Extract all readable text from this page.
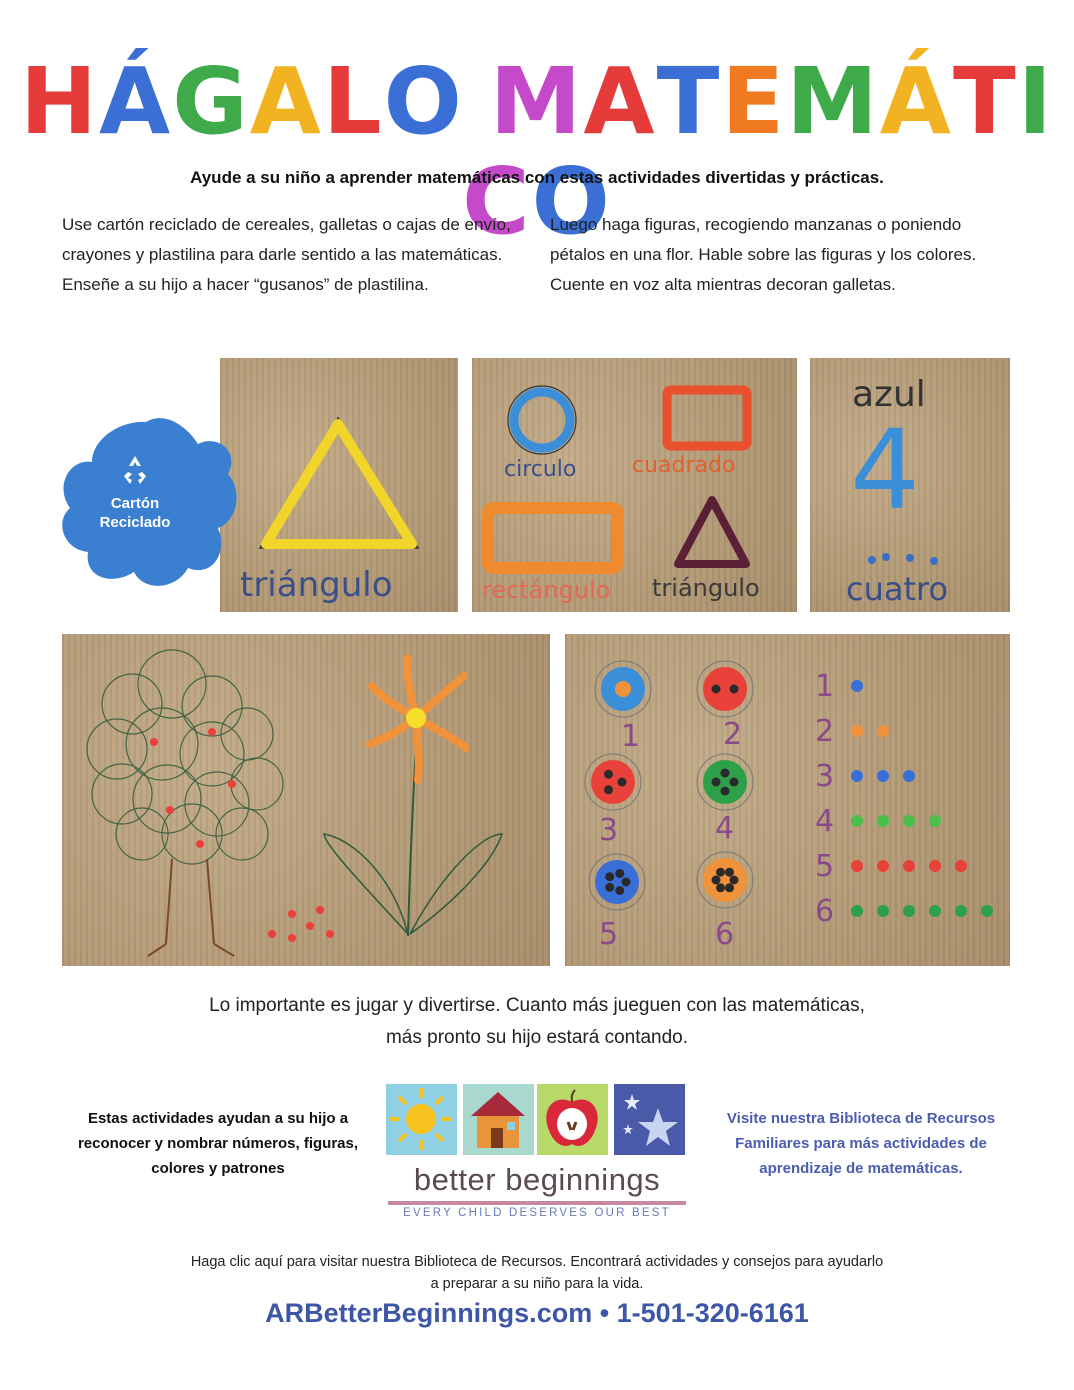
HÁGALO MATEMÁTICO
Ayude a su niño a aprender matemáticas con estas actividades divertidas y prácticas.
Use cartón reciclado de cereales, galletas o cajas de envío, crayones y plastilina para darle sentido a las matemáticas. Enseñe a su hijo a hacer “gusanos” de plastilina.
Luego haga figuras, recogiendo manzanas o poniendo pétalos en una flor. Hable sobre las figuras y los colores. Cuente en voz alta mientras decoran galletas.
triángulo
circulo	cuadrado
rectángulo triángulo
azul
4
cuatro
Cartón
Reciclado
1	2
3	4
5	6
1
2
3
4
5
6
Lo importante es jugar y divertirse. Cuanto más jueguen con las matemáticas,
más pronto su hijo estará contando.
Estas actividades ayudan a su hijo a reconocer y nombrar números, figuras, colores y patrones	better beginnings
EVERY CHILD DESERVES OUR BEST
Visite nuestra Biblioteca de Recursos Familiares para más actividades de aprendizaje de matemáticas.
Haga clic aquí para visitar nuestra Biblioteca de Recursos. Encontrará actividades y consejos para ayudarlo
a preparar a su niño para la vida.
ARBetterBeginnings.com • 1-501-320-6161
